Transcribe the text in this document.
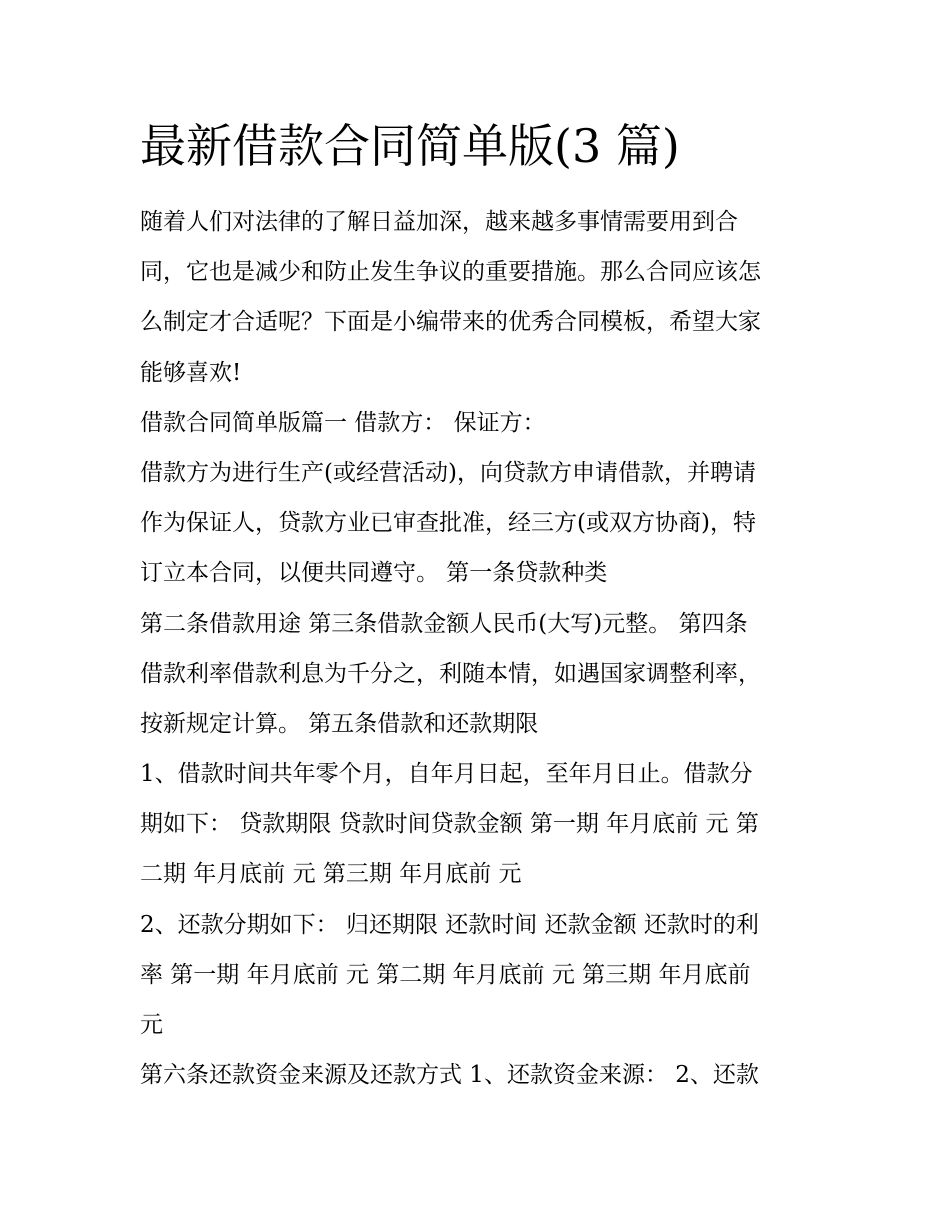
最新借款合同简单版(3 篇)
随着人们对法律的了解日益加深，越来越多事情需要用到合
同，它也是减少和防止发生争议的重要措施。那么合同应该怎
么制定才合适呢？下面是小编带来的优秀合同模板，希望大家
能够喜欢!
借款合同简单版篇一 借款方： 保证方：
借款方为进行生产(或经营活动)，向贷款方申请借款，并聘请
作为保证人，贷款方业已审查批准，经三方(或双方协商)，特
订立本合同，以便共同遵守。 第一条贷款种类
第二条借款用途 第三条借款金额人民币(大写)元整。 第四条
借款利率借款利息为千分之，利随本情，如遇国家调整利率，
按新规定计算。 第五条借款和还款期限
1、借款时间共年零个月，自年月日起，至年月日止。借款分
期如下： 贷款期限 贷款时间贷款金额 第一期 年月底前 元 第
二期 年月底前 元 第三期 年月底前 元
2、还款分期如下： 归还期限 还款时间 还款金额 还款时的利
率 第一期 年月底前 元 第二期 年月底前 元 第三期 年月底前
元
第六条还款资金来源及还款方式 1、还款资金来源： 2、还款
